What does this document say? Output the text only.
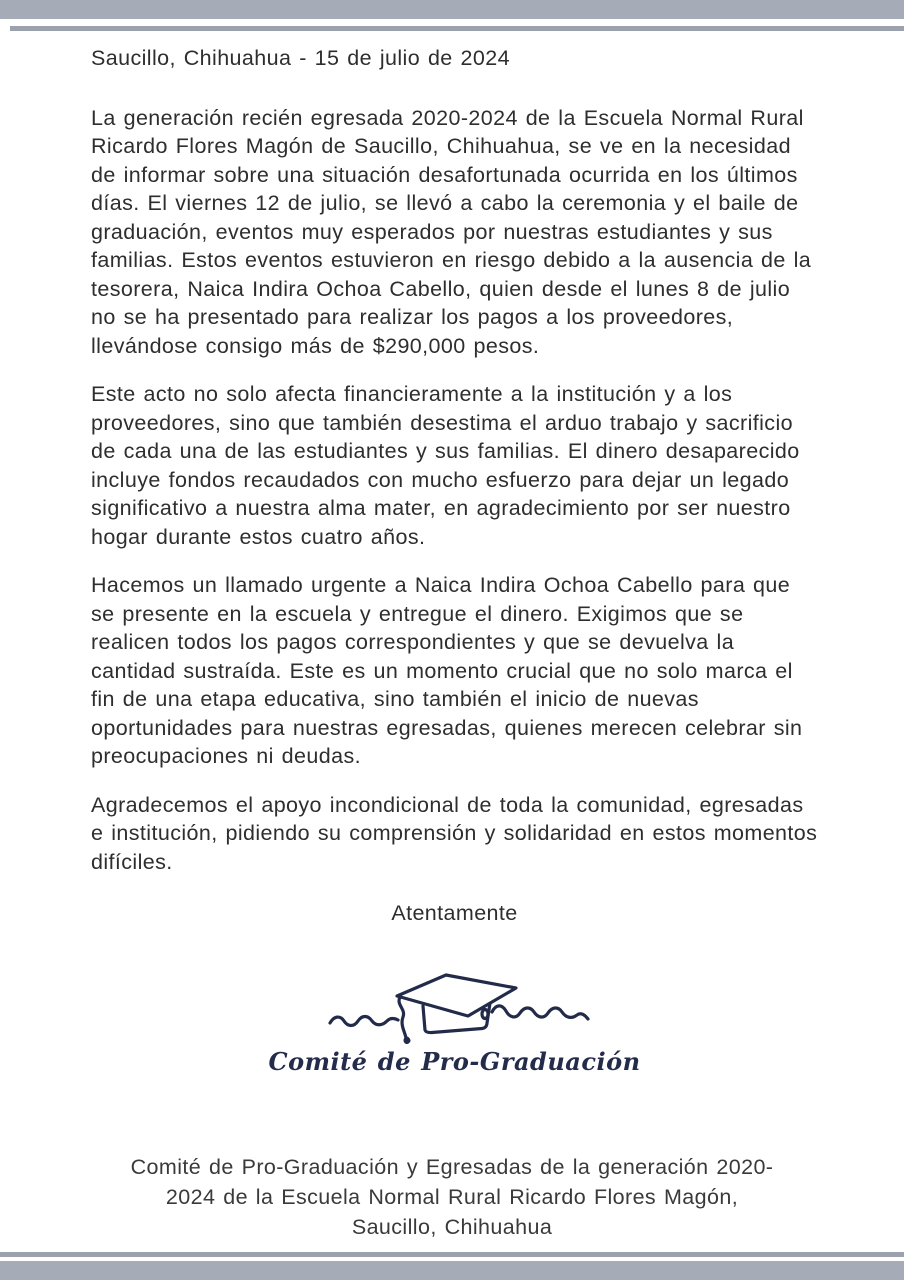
Saucillo, Chihuahua - 15 de julio de 2024

La generación recién egresada 2020-2024 de la Escuela Normal Rural Ricardo Flores Magón de Saucillo, Chihuahua, se ve en la necesidad de informar sobre una situación desafortunada ocurrida en los últimos días. El viernes 12 de julio, se llevó a cabo la ceremonia y el baile de graduación, eventos muy esperados por nuestras estudiantes y sus familias. Estos eventos estuvieron en riesgo debido a la ausencia de la tesorera, Naica Indira Ochoa Cabello, quien desde el lunes 8 de julio no se ha presentado para realizar los pagos a los proveedores, llevándose consigo más de $290,000 pesos.

Este acto no solo afecta financieramente a la institución y a los proveedores, sino que también desestima el arduo trabajo y sacrificio de cada una de las estudiantes y sus familias. El dinero desaparecido incluye fondos recaudados con mucho esfuerzo para dejar un legado significativo a nuestra alma mater, en agradecimiento por ser nuestro hogar durante estos cuatro años.

Hacemos un llamado urgente a Naica Indira Ochoa Cabello para que se presente en la escuela y entregue el dinero. Exigimos que se realicen todos los pagos correspondientes y que se devuelva la cantidad sustraída. Este es un momento crucial que no solo marca el fin de una etapa educativa, sino también el inicio de nuevas oportunidades para nuestras egresadas, quienes merecen celebrar sin preocupaciones ni deudas.

Agradecemos el apoyo incondicional de toda la comunidad, egresadas e institución, pidiendo su comprensión y solidaridad en estos momentos difíciles.

Atentamente
Comité de Pro-Graduación
Comité de Pro-Graduación y Egresadas de la generación 2020-
2024 de la Escuela Normal Rural Ricardo Flores Magón,
Saucillo, Chihuahua
